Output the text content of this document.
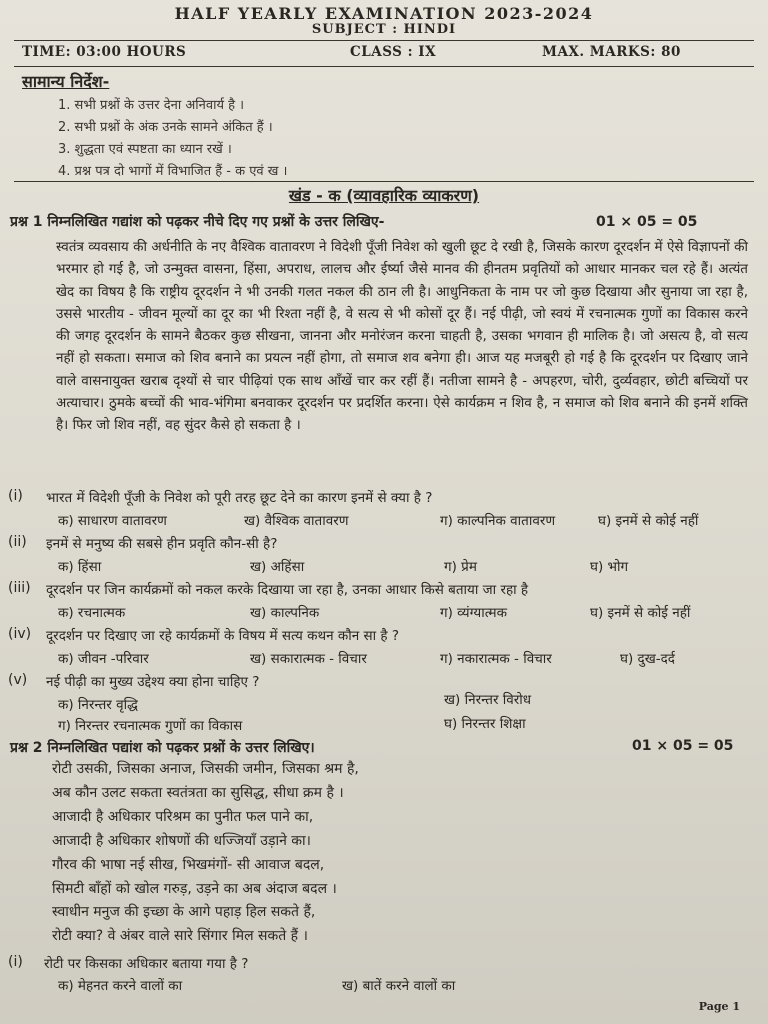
HALF YEARLY EXAMINATION 2023-2024
SUBJECT : HINDI
TIME: 03:00 HOURS	CLASS : IX	MAX. MARKS: 80
सामान्य निर्देश-
1. सभी प्रश्नों के उत्तर देना अनिवार्य है ।
2. सभी प्रश्नों के अंक उनके सामने अंकित हैं ।
3. शुद्धता एवं स्पष्टता का ध्यान रखें ।
4. प्रश्न पत्र दो भागों में विभाजित हैं - क एवं ख ।
खंड - क (व्यावहारिक व्याकरण)
प्रश्न 1 निम्नलिखित गद्यांश को पढ़कर नीचे दिए गए प्रश्नों के उत्तर लिखिए-	01 × 05 = 05
स्वतंत्र व्यवसाय की अर्धनीति के नए वैश्विक वातावरण ने विदेशी पूँजी निवेश को खुली छूट दे रखी है, जिसके कारण दूरदर्शन में ऐसे विज्ञापनों की भरमार हो गई है, जो उन्मुक्त वासना, हिंसा, अपराध, लालच और ईर्ष्या जैसे मानव की हीनतम प्रवृतियों को आधार मानकर चल रहे हैं। अत्यंत खेद का विषय है कि राष्ट्रीय दूरदर्शन ने भी उनकी गलत नकल की ठान ली है। आधुनिकता के नाम पर जो कुछ दिखाया और सुनाया जा रहा है, उससे भारतीय - जीवन मूल्यों का दूर का भी रिश्ता नहीं है, वे सत्य से भी कोसों दूर हैं। नई पीढ़ी, जो स्वयं में रचनात्मक गुणों का विकास करने की जगह दूरदर्शन के सामने बैठकर कुछ सीखना, जानना और मनोरंजन करना चाहती है, उसका भगवान ही मालिक है। जो असत्य है, वो सत्य नहीं हो सकता। समाज को शिव बनाने का प्रयत्न नहीं होगा, तो समाज शव बनेगा ही। आज यह मजबूरी हो गई है कि दूरदर्शन पर दिखाए जाने वाले वासनायुक्त खराब दृश्यों से चार पीढ़ियां एक साथ आँखें चार कर रहीं हैं। नतीजा सामने है - अपहरण, चोरी, दुर्व्यवहार, छोटी बच्चियों पर अत्याचार। ठुमके बच्चों की भाव-भंगिमा बनवाकर दूरदर्शन पर प्रदर्शित करना। ऐसे कार्यक्रम न शिव है, न समाज को शिव बनाने की इनमें शक्ति है। फिर जो शिव नहीं, वह सुंदर कैसे हो सकता है ।
(i) भारत में विदेशी पूँजी के निवेश को पूरी तरह छूट देने का कारण इनमें से क्या है ?
क) साधारण वातावरण	ख) वैश्विक वातावरण	ग) काल्पनिक वातावरण	घ) इनमें से कोई नहीं
(ii) इनमें से मनुष्य की सबसे हीन प्रवृति कौन-सी है?
क) हिंसा	ख) अहिंसा	ग) प्रेम	घ) भोग
(iii) दूरदर्शन पर जिन कार्यक्रमों को नकल करके दिखाया जा रहा है, उनका आधार किसे बताया जा रहा है
क) रचनात्मक	ख) काल्पनिक	ग) व्यंग्यात्मक	घ) इनमें से कोई नहीं
(iv) दूरदर्शन पर दिखाए जा रहे कार्यक्रमों के विषय में सत्य कथन कौन सा है ?
क) जीवन -परिवार	ख) सकारात्मक - विचार	ग) नकारात्मक - विचार	घ) दुख-दर्द
(v) नई पीढ़ी का मुख्य उद्देश्य क्या होना चाहिए ?
क) निरन्तर वृद्धि	ख) निरन्तर विरोध
ग) निरन्तर रचनात्मक गुणों का विकास	घ) निरन्तर शिक्षा
प्रश्न 2 निम्नलिखित पद्यांश को पढ़कर प्रश्नों के उत्तर लिखिए।	01 × 05 = 05
रोटी उसकी, जिसका अनाज, जिसकी जमीन, जिसका श्रम है,
अब कौन उलट सकता स्वतंत्रता का सुसिद्ध, सीधा क्रम है ।
आजादी है अधिकार परिश्रम का पुनीत फल पाने का,
आजादी है अधिकार शोषणों की धज्जियाँ उड़ाने का।
गौरव की भाषा नई सीख, भिखमंगों- सी आवाज बदल,
सिमटी बाँहों को खोल गरुड़, उड़ने का अब अंदाज बदल ।
स्वाधीन मनुज की इच्छा के आगे पहाड़ हिल सकते हैं,
रोटी क्या? वे अंबर वाले सारे सिंगार मिल सकते हैं ।
(i) रोटी पर किसका अधिकार बताया गया है ?
क) मेहनत करने वालों का	ख) बातें करने वालों का
Page 1
